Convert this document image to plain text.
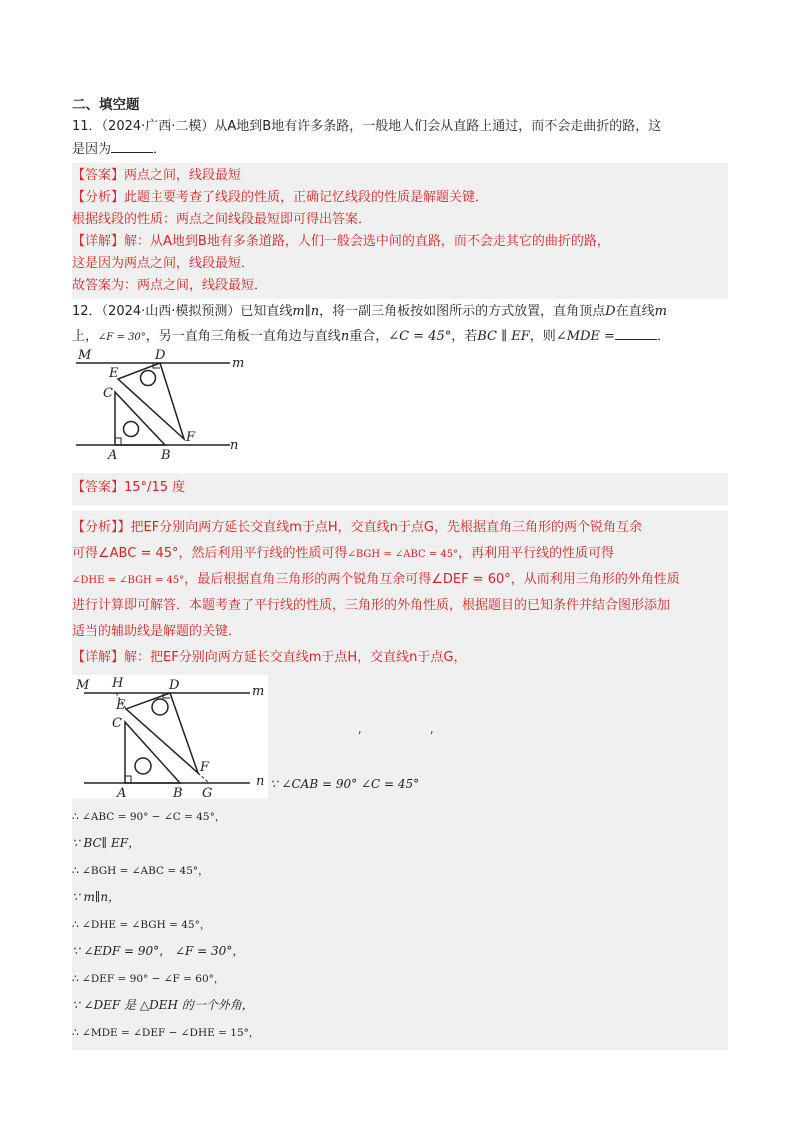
二、填空题
11．（2024·广西·二模）从A地到B地有许多条路，一般地人们会从直路上通过，而不会走曲折的路，这
是因为	．
【答案】两点之间，线段最短
【分析】此题主要考查了线段的性质，正确记忆线段的性质是解题关键．
根据线段的性质：两点之间线段最短即可得出答案．
【详解】解：从A地到B地有多条道路，人们一般会选中间的直路，而不会走其它的曲折的路，
这是因为两点之间，线段最短．
故答案为：两点之间，线段最短．
12．（2024·山西·模拟预测）已知直线m∥n，将一副三角板按如图所示的方式放置，直角顶点D在直线m
上，∠F = 30°，另一直角三角板一直角边与直线n重合，∠C = 45°，若BC ∥ EF，则∠MDE =	．
M	D
m
E
C
F
A	B
n
【答案】15°/15 度
【分析】】把EF分别向两方延长交直线m于点H，交直线n于点G，先根据直角三角形的两个锐角互余
可得∠ABC = 45°，然后利用平行线的性质可得∠BGH = ∠ABC = 45°，再利用平行线的性质可得
∠DHE = ∠BGH = 45°，最后根据直角三角形的两个锐角互余可得∠DEF = 60°，从而利用三角形的外角性质
进行计算即可解答．本题考查了平行线的性质，三角形的外角性质，根据题目的已知条件并结合图形添加
适当的辅助线是解题的关键．
【详解】解：把EF分别向两方延长交直线m于点H，交直线n于点G，
M H	D	m
E
C
F
A	B G
n
,	,
∵ ∠CAB = 90° ∠C = 45°
∴ ∠ABC = 90° − ∠C = 45°，
∵ BC∥ EF，
∴ ∠BGH = ∠ABC = 45°，
∵ m∥n，
∴ ∠DHE = ∠BGH = 45°，
∵ ∠EDF = 90°， ∠F = 30°，
∴ ∠DEF = 90° − ∠F = 60°，
∵ ∠DEF 是 △DEH 的一个外角，
∴ ∠MDE = ∠DEF − ∠DHE = 15°，
